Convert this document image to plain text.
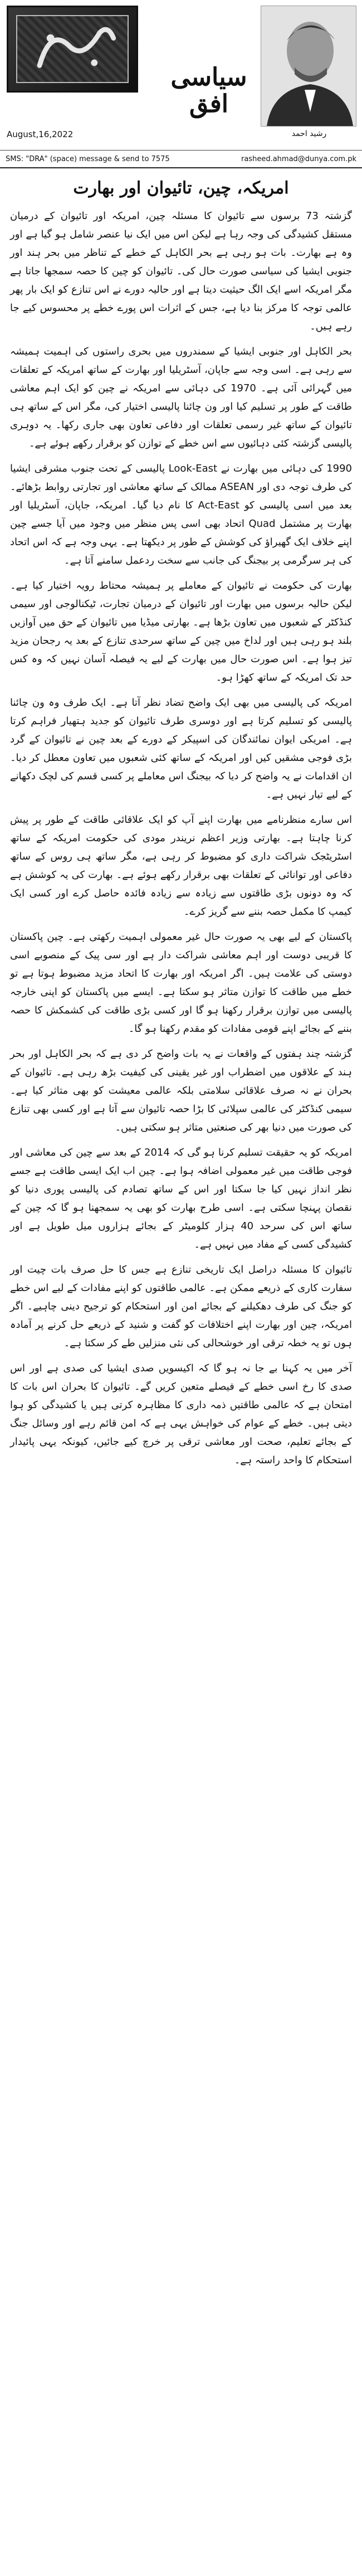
سیاسی افق
رشید احمد
August,16,2022
SMS: "DRA" (space) message & send to 7575	rasheed.ahmad@dunya.com.pk
امریکہ، چین، تائیوان اور بھارت

گزشتہ 73 برسوں سے تائیوان کا مسئلہ چین، امریکہ اور تائیوان کے درمیان مستقل کشیدگی کی وجہ رہا ہے لیکن اس میں ایک نیا عنصر شامل ہو گیا ہے اور وہ ہے بھارت۔ بات ہو رہی ہے بحر الکاہل کے خطے کے تناظر میں بحر ہند اور جنوبی ایشیا کی سیاسی صورت حال کی۔ تائیوان کو چین کا حصہ سمجھا جاتا ہے مگر امریکہ اسے ایک الگ حیثیت دیتا ہے اور حالیہ دورے نے اس تنازع کو ایک بار پھر عالمی توجہ کا مرکز بنا دیا ہے، جس کے اثرات اس پورے خطے پر محسوس کیے جا رہے ہیں۔

بحر الکاہل اور جنوبی ایشیا کے سمندروں میں بحری راستوں کی اہمیت ہمیشہ سے رہی ہے۔ اسی وجہ سے جاپان، آسٹریلیا اور بھارت کے ساتھ امریکہ کے تعلقات میں گہرائی آئی ہے۔ 1970 کی دہائی سے امریکہ نے چین کو ایک اہم معاشی طاقت کے طور پر تسلیم کیا اور ون چائنا پالیسی اختیار کی، مگر اس کے ساتھ ہی تائیوان کے ساتھ غیر رسمی تعلقات اور دفاعی تعاون بھی جاری رکھا۔ یہ دوہری پالیسی گزشتہ کئی دہائیوں سے اس خطے کے توازن کو برقرار رکھے ہوئے ہے۔

1990 کی دہائی میں بھارت نے Look-East پالیسی کے تحت جنوب مشرقی ایشیا کی طرف توجہ دی اور ASEAN ممالک کے ساتھ معاشی اور تجارتی روابط بڑھائے۔ بعد میں اسی پالیسی کو Act-East کا نام دیا گیا۔ امریکہ، جاپان، آسٹریلیا اور بھارت پر مشتمل Quad اتحاد بھی اسی پس منظر میں وجود میں آیا جسے چین اپنے خلاف ایک گھیراؤ کی کوشش کے طور پر دیکھتا ہے۔ یہی وجہ ہے کہ اس اتحاد کی ہر سرگرمی پر بیجنگ کی جانب سے سخت ردعمل سامنے آتا ہے۔

بھارت کی حکومت نے تائیوان کے معاملے پر ہمیشہ محتاط رویہ اختیار کیا ہے۔ لیکن حالیہ برسوں میں بھارت اور تائیوان کے درمیان تجارت، ٹیکنالوجی اور سیمی کنڈکٹر کے شعبوں میں تعاون بڑھا ہے۔ بھارتی میڈیا میں تائیوان کے حق میں آوازیں بلند ہو رہی ہیں اور لداخ میں چین کے ساتھ سرحدی تنازع کے بعد یہ رجحان مزید تیز ہوا ہے۔ اس صورت حال میں بھارت کے لیے یہ فیصلہ آسان نہیں کہ وہ کس حد تک امریکہ کے ساتھ کھڑا ہو۔

امریکہ کی پالیسی میں بھی ایک واضح تضاد نظر آتا ہے۔ ایک طرف وہ ون چائنا پالیسی کو تسلیم کرتا ہے اور دوسری طرف تائیوان کو جدید ہتھیار فراہم کرتا ہے۔ امریکی ایوان نمائندگان کی اسپیکر کے دورے کے بعد چین نے تائیوان کے گرد بڑی فوجی مشقیں کیں اور امریکہ کے ساتھ کئی شعبوں میں تعاون معطل کر دیا۔ ان اقدامات نے یہ واضح کر دیا کہ بیجنگ اس معاملے پر کسی قسم کی لچک دکھانے کے لیے تیار نہیں ہے۔

اس سارے منظرنامے میں بھارت اپنے آپ کو ایک علاقائی طاقت کے طور پر پیش کرنا چاہتا ہے۔ بھارتی وزیر اعظم نریندر مودی کی حکومت امریکہ کے ساتھ اسٹریٹجک شراکت داری کو مضبوط کر رہی ہے، مگر ساتھ ہی روس کے ساتھ دفاعی اور توانائی کے تعلقات بھی برقرار رکھے ہوئے ہے۔ بھارت کی یہ کوشش ہے کہ وہ دونوں بڑی طاقتوں سے زیادہ سے زیادہ فائدہ حاصل کرے اور کسی ایک کیمپ کا مکمل حصہ بننے سے گریز کرے۔

پاکستان کے لیے بھی یہ صورت حال غیر معمولی اہمیت رکھتی ہے۔ چین پاکستان کا قریبی دوست اور اہم معاشی شراکت دار ہے اور سی پیک کے منصوبے اسی دوستی کی علامت ہیں۔ اگر امریکہ اور بھارت کا اتحاد مزید مضبوط ہوتا ہے تو خطے میں طاقت کا توازن متاثر ہو سکتا ہے۔ ایسے میں پاکستان کو اپنی خارجہ پالیسی میں توازن برقرار رکھنا ہو گا اور کسی بڑی طاقت کی کشمکش کا حصہ بننے کے بجائے اپنے قومی مفادات کو مقدم رکھنا ہو گا۔

گزشتہ چند ہفتوں کے واقعات نے یہ بات واضح کر دی ہے کہ بحر الکاہل اور بحر ہند کے علاقوں میں اضطراب اور غیر یقینی کی کیفیت بڑھ رہی ہے۔ تائیوان کے بحران نے نہ صرف علاقائی سلامتی بلکہ عالمی معیشت کو بھی متاثر کیا ہے۔ سیمی کنڈکٹر کی عالمی سپلائی کا بڑا حصہ تائیوان سے آتا ہے اور کسی بھی تنازع کی صورت میں دنیا بھر کی صنعتیں متاثر ہو سکتی ہیں۔

امریکہ کو یہ حقیقت تسلیم کرنا ہو گی کہ 2014 کے بعد سے چین کی معاشی اور فوجی طاقت میں غیر معمولی اضافہ ہوا ہے۔ چین اب ایک ایسی طاقت ہے جسے نظر انداز نہیں کیا جا سکتا اور اس کے ساتھ تصادم کی پالیسی پوری دنیا کو نقصان پہنچا سکتی ہے۔ اسی طرح بھارت کو بھی یہ سمجھنا ہو گا کہ چین کے ساتھ اس کی سرحد 40 ہزار کلومیٹر کے بجائے ہزاروں میل طویل ہے اور کشیدگی کسی کے مفاد میں نہیں ہے۔

تائیوان کا مسئلہ دراصل ایک تاریخی تنازع ہے جس کا حل صرف بات چیت اور سفارت کاری کے ذریعے ممکن ہے۔ عالمی طاقتوں کو اپنے مفادات کے لیے اس خطے کو جنگ کی طرف دھکیلنے کے بجائے امن اور استحکام کو ترجیح دینی چاہیے۔ اگر امریکہ، چین اور بھارت اپنے اختلافات کو گفت و شنید کے ذریعے حل کرنے پر آمادہ ہوں تو یہ خطہ ترقی اور خوشحالی کی نئی منزلیں طے کر سکتا ہے۔

آخر میں یہ کہنا بے جا نہ ہو گا کہ اکیسویں صدی ایشیا کی صدی ہے اور اس صدی کا رخ اسی خطے کے فیصلے متعین کریں گے۔ تائیوان کا بحران اس بات کا امتحان ہے کہ عالمی طاقتیں ذمہ داری کا مظاہرہ کرتی ہیں یا کشیدگی کو ہوا دیتی ہیں۔ خطے کے عوام کی خواہش یہی ہے کہ امن قائم رہے اور وسائل جنگ کے بجائے تعلیم، صحت اور معاشی ترقی پر خرچ کیے جائیں، کیونکہ یہی پائیدار استحکام کا واحد راستہ ہے۔
